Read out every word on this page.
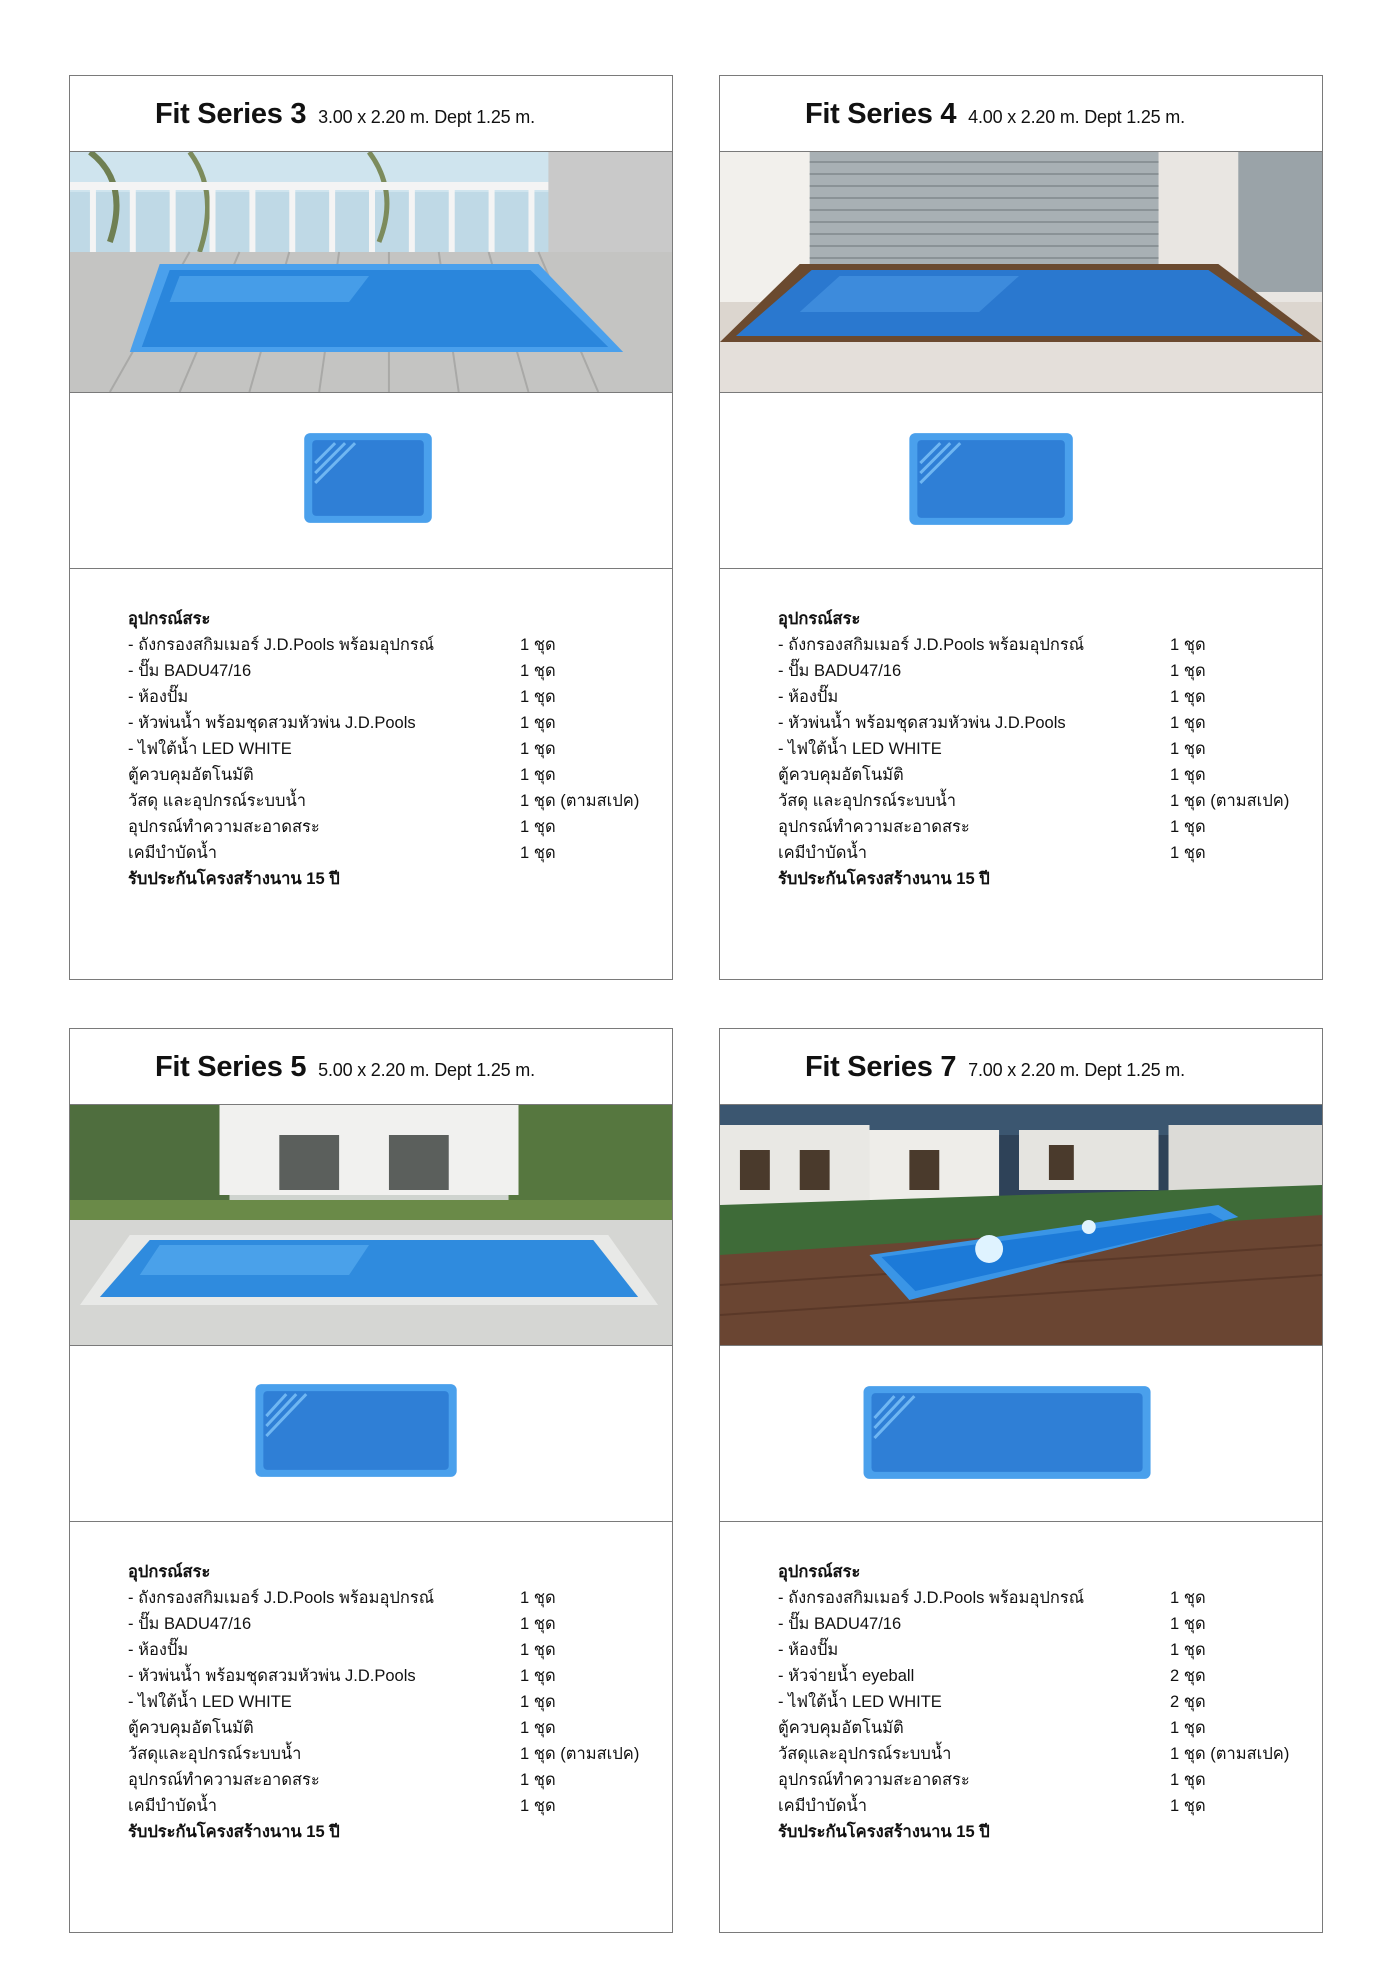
Fit Series 3 3.00 x 2.20 m. Dept 1.25 m.
อุปกรณ์สระ
- ถังกรองสกิมเมอร์ J.D.Pools พร้อมอุปกรณ์	1 ชุด
- ปั๊ม BADU47/16	1 ชุด
- ห้องปั๊ม	1 ชุด
- หัวพ่นน้ำ พร้อมชุดสวมหัวพ่น J.D.Pools	1 ชุด
- ไฟใต้น้ำ LED WHITE	1 ชุด
ตู้ควบคุมอัตโนมัติ	1 ชุด
วัสดุ และอุปกรณ์ระบบน้ำ	1 ชุด (ตามสเปค)
อุปกรณ์ทำความสะอาดสระ	1 ชุด
เคมีบำบัดน้ำ	1 ชุด
รับประกันโครงสร้างนาน 15 ปี
Fit Series 4 4.00 x 2.20 m. Dept 1.25 m.
อุปกรณ์สระ
- ถังกรองสกิมเมอร์ J.D.Pools พร้อมอุปกรณ์	1 ชุด
- ปั๊ม BADU47/16	1 ชุด
- ห้องปั๊ม	1 ชุด
- หัวพ่นน้ำ พร้อมชุดสวมหัวพ่น J.D.Pools	1 ชุด
- ไฟใต้น้ำ LED WHITE	1 ชุด
ตู้ควบคุมอัตโนมัติ	1 ชุด
วัสดุ และอุปกรณ์ระบบน้ำ	1 ชุด (ตามสเปค)
อุปกรณ์ทำความสะอาดสระ	1 ชุด
เคมีบำบัดน้ำ	1 ชุด
รับประกันโครงสร้างนาน 15 ปี
Fit Series 5 5.00 x 2.20 m. Dept 1.25 m.
อุปกรณ์สระ
- ถังกรองสกิมเมอร์ J.D.Pools พร้อมอุปกรณ์	1 ชุด
- ปั๊ม BADU47/16	1 ชุด
- ห้องปั๊ม	1 ชุด
- หัวพ่นน้ำ พร้อมชุดสวมหัวพ่น J.D.Pools	1 ชุด
- ไฟใต้น้ำ LED WHITE	1 ชุด
ตู้ควบคุมอัตโนมัติ	1 ชุด
วัสดุและอุปกรณ์ระบบน้ำ	1 ชุด (ตามสเปค)
อุปกรณ์ทำความสะอาดสระ	1 ชุด
เคมีบำบัดน้ำ	1 ชุด
รับประกันโครงสร้างนาน 15 ปี
Fit Series 7 7.00 x 2.20 m. Dept 1.25 m.
อุปกรณ์สระ
- ถังกรองสกิมเมอร์ J.D.Pools พร้อมอุปกรณ์	1 ชุด
- ปั๊ม BADU47/16	1 ชุด
- ห้องปั๊ม	1 ชุด
- หัวจ่ายน้ำ eyeball	2 ชุด
- ไฟใต้น้ำ LED WHITE	2 ชุด
ตู้ควบคุมอัตโนมัติ	1 ชุด
วัสดุและอุปกรณ์ระบบน้ำ	1 ชุด (ตามสเปค)
อุปกรณ์ทำความสะอาดสระ	1 ชุด
เคมีบำบัดน้ำ	1 ชุด
รับประกันโครงสร้างนาน 15 ปี
